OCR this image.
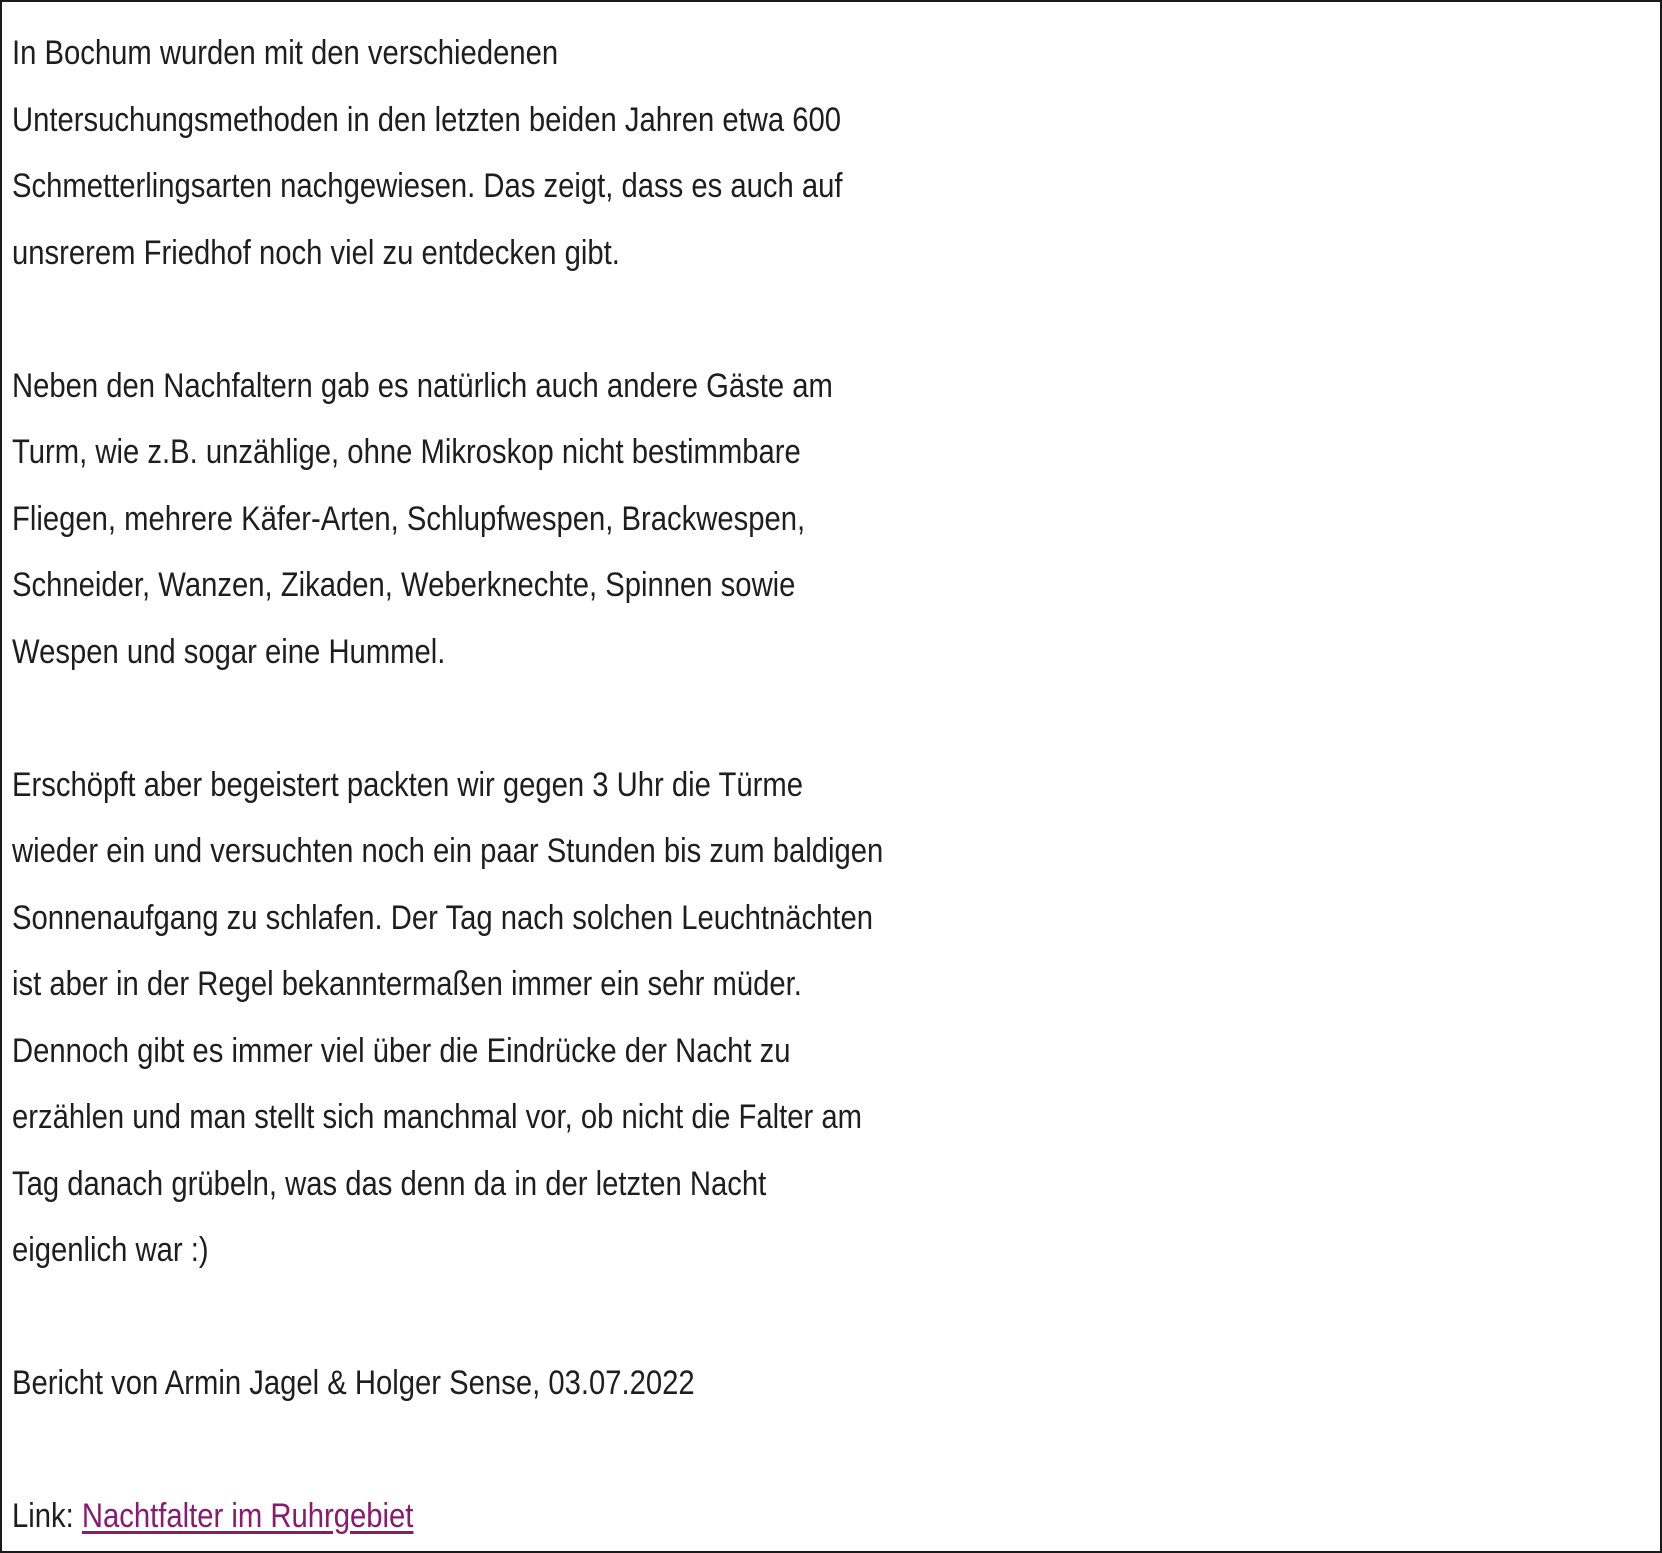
In Bochum wurden mit den verschiedenen
Untersuchungsmethoden in den letzten beiden Jahren etwa 600
Schmetterlingsarten nachgewiesen. Das zeigt, dass es auch auf
unsrerem Friedhof noch viel zu entdecken gibt.

Neben den Nachfaltern gab es natürlich auch andere Gäste am
Turm, wie z.B. unzählige, ohne Mikroskop nicht bestimmbare
Fliegen, mehrere Käfer-Arten, Schlupfwespen, Brackwespen,
Schneider, Wanzen, Zikaden, Weberknechte, Spinnen sowie
Wespen und sogar eine Hummel.

Erschöpft aber begeistert packten wir gegen 3 Uhr die Türme
wieder ein und versuchten noch ein paar Stunden bis zum baldigen
Sonnenaufgang zu schlafen. Der Tag nach solchen Leuchtnächten
ist aber in der Regel bekanntermaßen immer ein sehr müder.
Dennoch gibt es immer viel über die Eindrücke der Nacht zu
erzählen und man stellt sich manchmal vor, ob nicht die Falter am
Tag danach grübeln, was das denn da in der letzten Nacht
eigenlich war :)

Bericht von Armin Jagel & Holger Sense, 03.07.2022

Link: Nachtfalter im Ruhrgebiet
